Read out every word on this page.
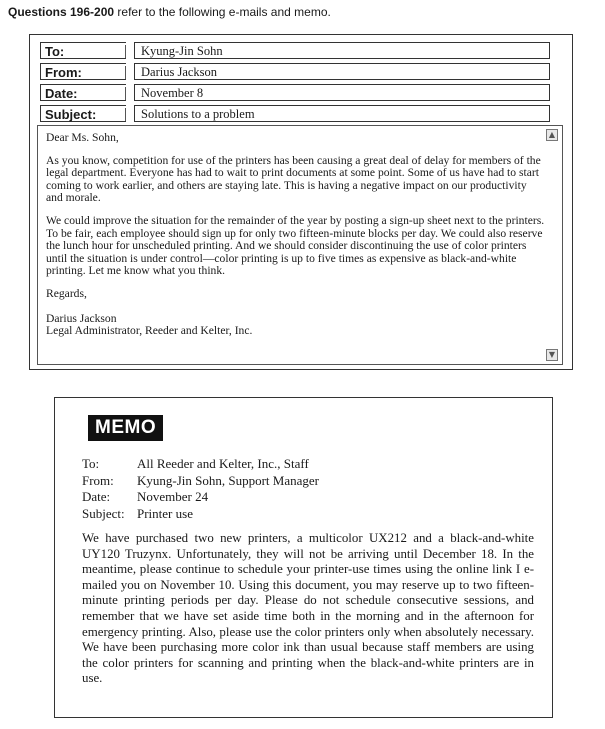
Questions 196-200 refer to the following e-mails and memo.
To:	Kyung-Jin Sohn
From:	Darius Jackson
Date:	November 8
Subject:	Solutions to a problem

Dear Ms. Sohn,

As you know, competition for use of the printers has been causing a great deal of delay for members of the legal department. Everyone has had to wait to print documents at some point. Some of us have had to start coming to work earlier, and others are staying late. This is having a negative impact on our productivity and morale.

We could improve the situation for the remainder of the year by posting a sign-up sheet next to the printers. To be fair, each employee should sign up for only two fifteen-minute blocks per day. We could also reserve the lunch hour for unscheduled printing. And we should consider discontinuing the use of color printers until the situation is under control—color printing is up to five times as expensive as black-and-white printing. Let me know what you think.

Regards,

Darius Jackson
Legal Administrator, Reeder and Kelter, Inc.
▲
▼
MEMO
To:	All Reeder and Kelter, Inc., Staff
From:	Kyung-Jin Sohn, Support Manager
Date:	November 24
Subject: Printer use

We have purchased two new printers, a multicolor UX212 and a black-and-white UY120 Truzynx. Unfortunately, they will not be arriving until December 18. In the meantime, please continue to schedule your printer-use times using the online link I e-mailed you on November 10. Using this document, you may reserve up to two fifteen-minute printing periods per day. Please do not schedule consecutive sessions, and remember that we have set aside time both in the morning and in the afternoon for emergency printing. Also, please use the color printers only when absolutely necessary. We have been purchasing more color ink than usual because staff members are using the color printers for scanning and printing when the black-and-white printers are in use.
